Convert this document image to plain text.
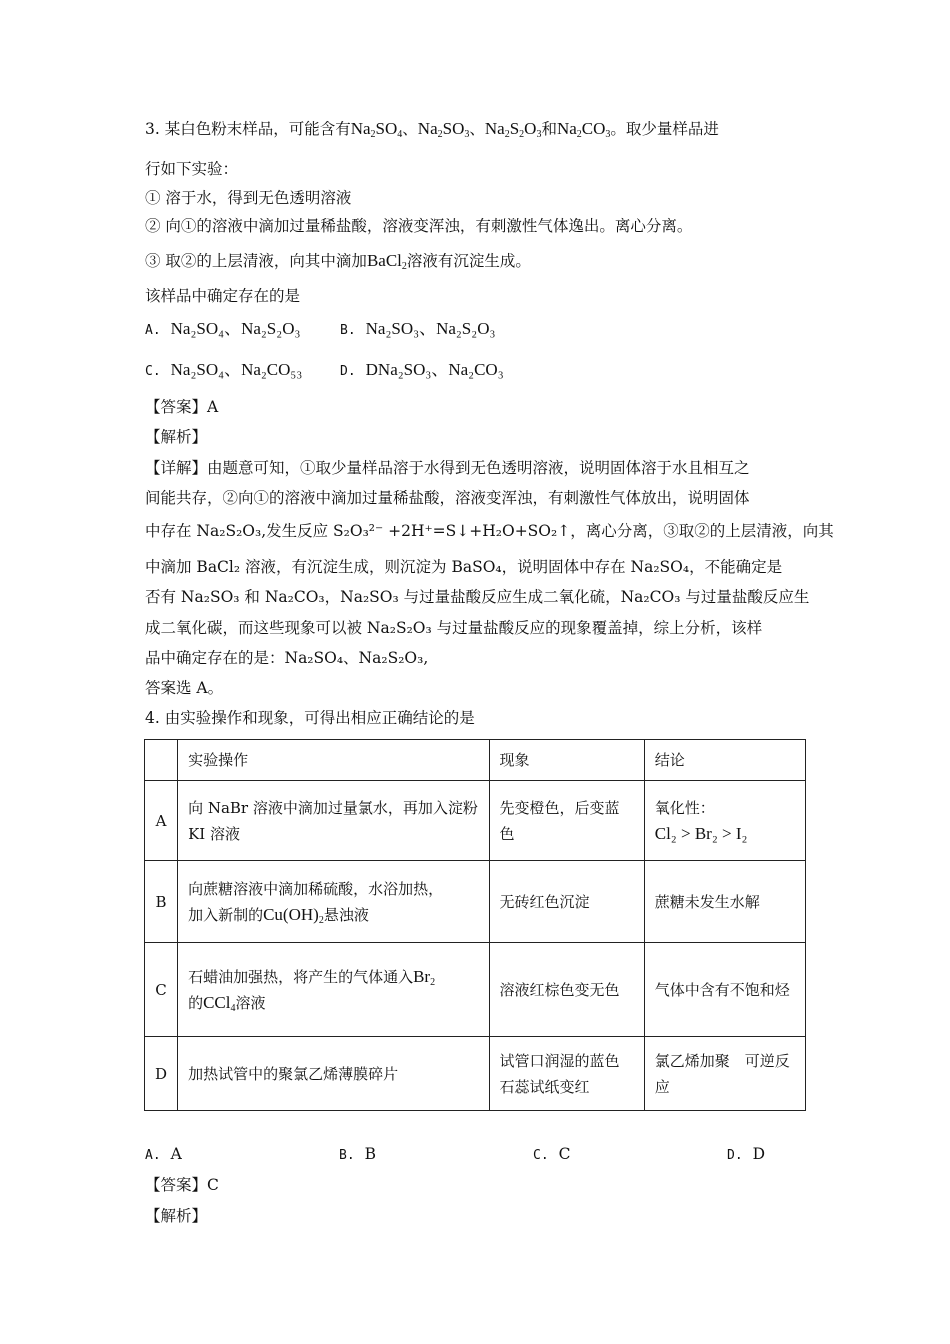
3. 某白色粉末样品，可能含有$Na_2SO_4$、$Na_2SO_3$、$Na_2S_2O_3$和$Na_2CO_3$。取少量样品进
行如下实验：
① 溶于水，得到无色透明溶液
② 向①的溶液中滴加过量稀盐酸，溶液变浑浊，有刺激性气体逸出。离心分离。
③ 取②的上层清液，向其中滴加BaCl$_2$溶液有沉淀生成。
该样品中确定存在的是
A. Na₂SO₄、Na₂S₂O₃	B. Na₂SO₃、Na₂S₂O₃
C. Na₂SO₄、Na₂CO₅₃	D. DNa₂SO₃、Na₂CO₃
【答案】A
【解析】
【详解】由题意可知，①取少量样品溶于水得到无色透明溶液，说明固体溶于水且相互之
间能共存，②向①的溶液中滴加过量稀盐酸，溶液变浑浊，有刺激性气体放出，说明固体
中存在 Na₂S₂O₃,发生反应 S₂O₃²⁻ +2H⁺=S↓+H₂O+SO₂↑，离心分离，③取②的上层清液，向其
中滴加 BaCl₂ 溶液，有沉淀生成，则沉淀为 BaSO₄，说明固体中存在 Na₂SO₄，不能确定是
否有 Na₂SO₃ 和 Na₂CO₃，Na₂SO₃ 与过量盐酸反应生成二氧化硫，Na₂CO₃ 与过量盐酸反应生
成二氧化碳，而这些现象可以被 Na₂S₂O₃ 与过量盐酸反应的现象覆盖掉，综上分析，该样
品中确定存在的是：Na₂SO₄、Na₂S₂O₃,
答案选 A。
4. 由实验操作和现象，可得出相应正确结论的是
	实验操作	现象	结论
A	向 NaBr 溶液中滴加过量氯水，再加入淀粉 KI 溶液	先变橙色，后变蓝色	氧化性：
Cl₂ > Br₂ > I₂

B	向蔗糖溶液中滴加稀硫酸，水浴加热，
加入新制的$Cu(OH)_2$悬浊液	无砖红色沉淀	蔗糖未发生水解
C	石蜡油加强热，将产生的气体通入$Br_2$
的CCl$_4$溶液	溶液红棕色变无色	气体中含有不饱和烃
D	加热试管中的聚氯乙烯薄膜碎片	试管口润湿的蓝色石蕊试纸变红	氯乙烯加聚　可逆反应
A. A	B. B	C. C	D. D
【答案】C
【解析】
